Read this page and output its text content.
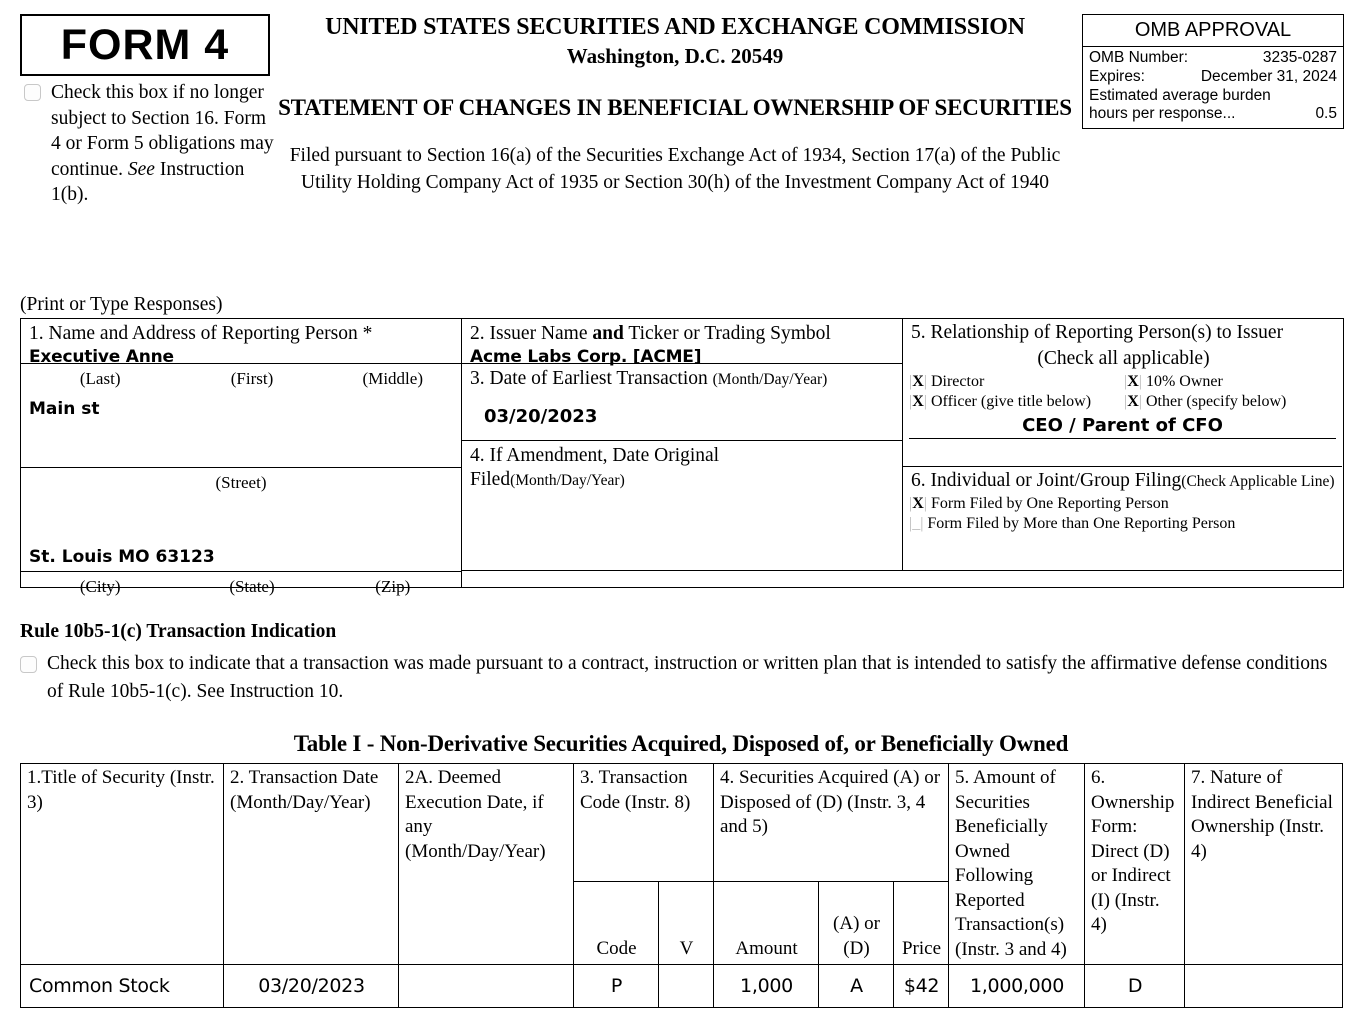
FORM 4
Check this box if no longer subject to Section 16. Form 4 or Form 5 obligations may continue. See Instruction 1(b).
UNITED STATES SECURITIES AND EXCHANGE COMMISSION
Washington, D.C. 20549
STATEMENT OF CHANGES IN BENEFICIAL OWNERSHIP OF SECURITIES
Filed pursuant to Section 16(a) of the Securities Exchange Act of 1934, Section 17(a) of the Public Utility Holding Company Act of 1935 or Section 30(h) of the Investment Company Act of 1940
OMB APPROVAL
OMB Number:	3235-0287
Expires:	December 31, 2024
Estimated average burden
hours per response...	0.5
(Print or Type Responses)
1. Name and Address of Reporting Person *
Executive Anne
(Last)	(First)	(Middle)
Main st
(Street)
St. Louis MO 63123
(City)	(State)	(Zip)
2. Issuer Name and Ticker or Trading Symbol
Acme Labs Corp. [ACME]
3. Date of Earliest Transaction (Month/Day/Year)
03/20/2023
4. If Amendment, Date Original
Filed(Month/Day/Year)
5. Relationship of Reporting Person(s) to Issuer
(Check all applicable)
|X| Director	|X| 10% Owner
|X| Officer (give title below)	|X| Other (specify below)
CEO / Parent of CFO
6. Individual or Joint/Group Filing(Check Applicable Line)
|X| Form Filed by One Reporting Person
|_| Form Filed by More than One Reporting Person
Rule 10b5-1(c) Transaction Indication
Check this box to indicate that a transaction was made pursuant to a contract, instruction or written plan that is intended to satisfy the affirmative defense conditions of Rule 10b5-1(c). See Instruction 10.
Table I - Non-Derivative Securities Acquired, Disposed of, or Beneficially Owned
1.Title of Security (Instr. 3)	2. Transaction Date (Month/Day/Year)	2A. Deemed Execution Date, if any (Month/Day/Year)	3. Transaction Code (Instr. 8)		4. Securities Acquired (A) or Disposed of (D) (Instr. 3, 4 and 5)			5. Amount of Securities Beneficially Owned Following Reported Transaction(s) (Instr. 3 and 4)	6. Ownership Form: Direct (D) or Indirect (I) (Instr. 4)	7. Nature of Indirect Beneficial Ownership (Instr. 4)
			Code	V	Amount	(A) or (D)	Price			
Common Stock	03/20/2023		P		1,000	A	$42	1,000,000	D	
